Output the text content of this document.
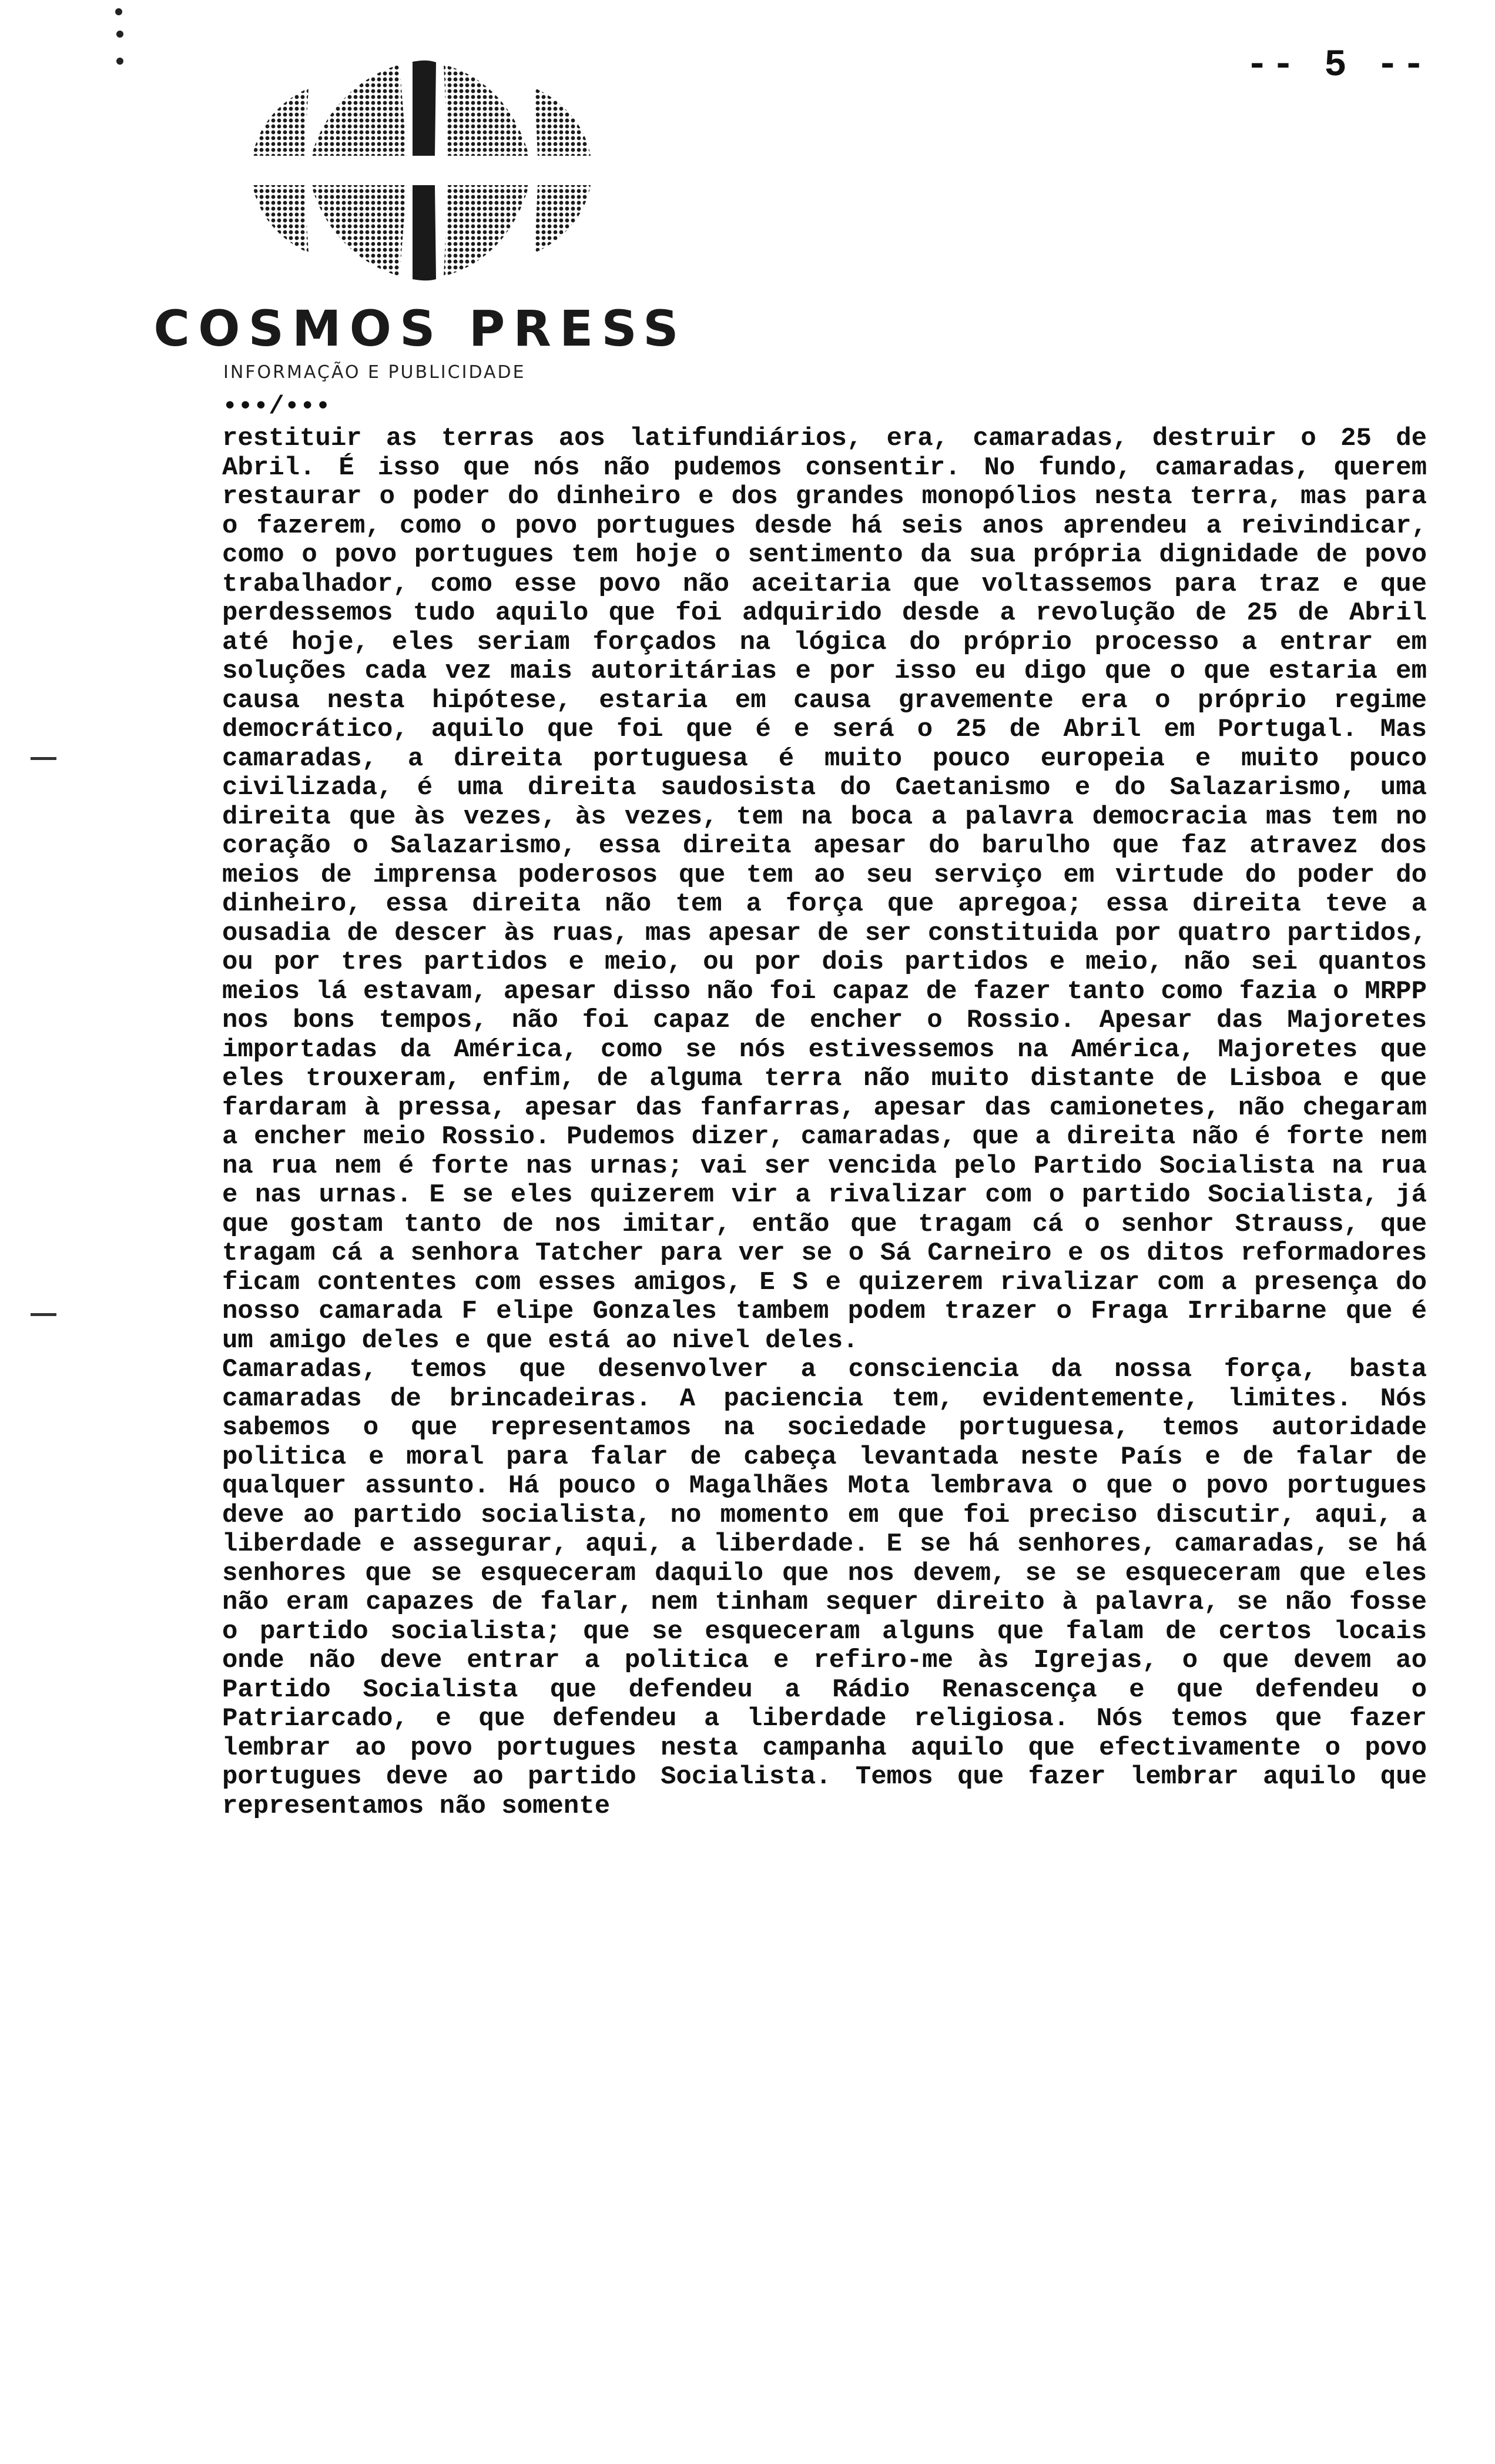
-- 5 --
COSMOS PRESS
INFORMAÇÃO E PUBLICIDADE

•••/•••

restituir as terras aos latifundiários, era, camaradas, destruir o 25 de Abril. É isso que nós não pudemos consentir. No fundo, camaradas, querem restaurar o poder do dinheiro e dos grandes monopólios nesta terra, mas para o fazerem, como o povo portugues desde há seis anos aprendeu a reivindicar, como o povo portugues tem hoje o sentimento da sua própria dignidade de povo trabalhador, como esse povo não aceitaria que voltassemos para traz e que perdessemos tudo aquilo que foi adquirido desde a revolução de 25 de Abril até hoje, eles seriam forçados na lógica do próprio processo a entrar em soluções cada vez mais autoritárias e por isso eu digo que o que estaria em causa nesta hipótese, estaria em causa gravemente era o próprio regime democrático, aquilo que foi que é e será o 25 de Abril em Portugal. Mas camaradas, a direita portuguesa é muito pouco europeia e muito pouco civilizada, é uma direita saudosista do Caetanismo e do Salazarismo, uma direita que às vezes, às vezes, tem na boca a palavra democracia mas tem no coração o Salazarismo, essa direita apesar do barulho que faz atravez dos meios de imprensa poderosos que tem ao seu serviço em virtude do poder do dinheiro, essa direita não tem a força que apregoa; essa direita teve a ousadia de descer às ruas, mas apesar de ser constituida por quatro partidos, ou por tres partidos e meio, ou por dois partidos e meio, não sei quantos meios lá estavam, apesar disso não foi capaz de fazer tanto como fazia o MRPP nos bons tempos, não foi capaz de encher o Rossio. Apesar das Majoretes importadas da América, como se nós estivessemos na América, Majoretes que eles trouxeram, enfim, de alguma terra não muito distante de Lisboa e que fardaram à pressa, apesar das fanfarras, apesar das camionetes, não chegaram a encher meio Rossio. Pudemos dizer, camaradas, que a direita não é forte nem na rua nem é forte nas urnas; vai ser vencida pelo Partido Socialista na rua e nas urnas. E se eles quizerem vir a rivalizar com o partido Socialista, já que gostam tanto de nos imitar, então que tragam cá o senhor Strauss, que tragam cá a senhora Tatcher para ver se o Sá Carneiro e os ditos reformadores ficam contentes com esses amigos, E S e quizerem rivalizar com a presença do nosso camarada F elipe Gonzales tambem podem trazer o Fraga Irribarne que é um amigo deles e que está ao nivel deles.

Camaradas, temos que desenvolver a consciencia da nossa força, basta camaradas de brincadeiras. A paciencia tem, evidentemente, limites. Nós sabemos o que representamos na sociedade portuguesa, temos autoridade politica e moral para falar de cabeça levantada neste País e de falar de qualquer assunto. Há pouco o Magalhães Mota lembrava o que o povo portugues deve ao partido socialista, no momento em que foi preciso discutir, aqui, a liberdade e assegurar, aqui, a liberdade. E se há senhores, camaradas, se há senhores que se esqueceram daquilo que nos devem, se se esqueceram que eles não eram capazes de falar, nem tinham sequer direito à palavra, se não fosse o partido socialista; que se esqueceram alguns que falam de certos locais onde não deve entrar a politica e refiro-me às Igrejas, o que devem ao Partido Socialista que defendeu a Rádio Renascença e que defendeu o Patriarcado, e que defendeu a liberdade religiosa. Nós temos que fazer lembrar ao povo portugues nesta campanha aquilo que efectivamente o povo portugues deve ao partido Socialista. Temos que fazer lembrar aquilo que representamos não somente
